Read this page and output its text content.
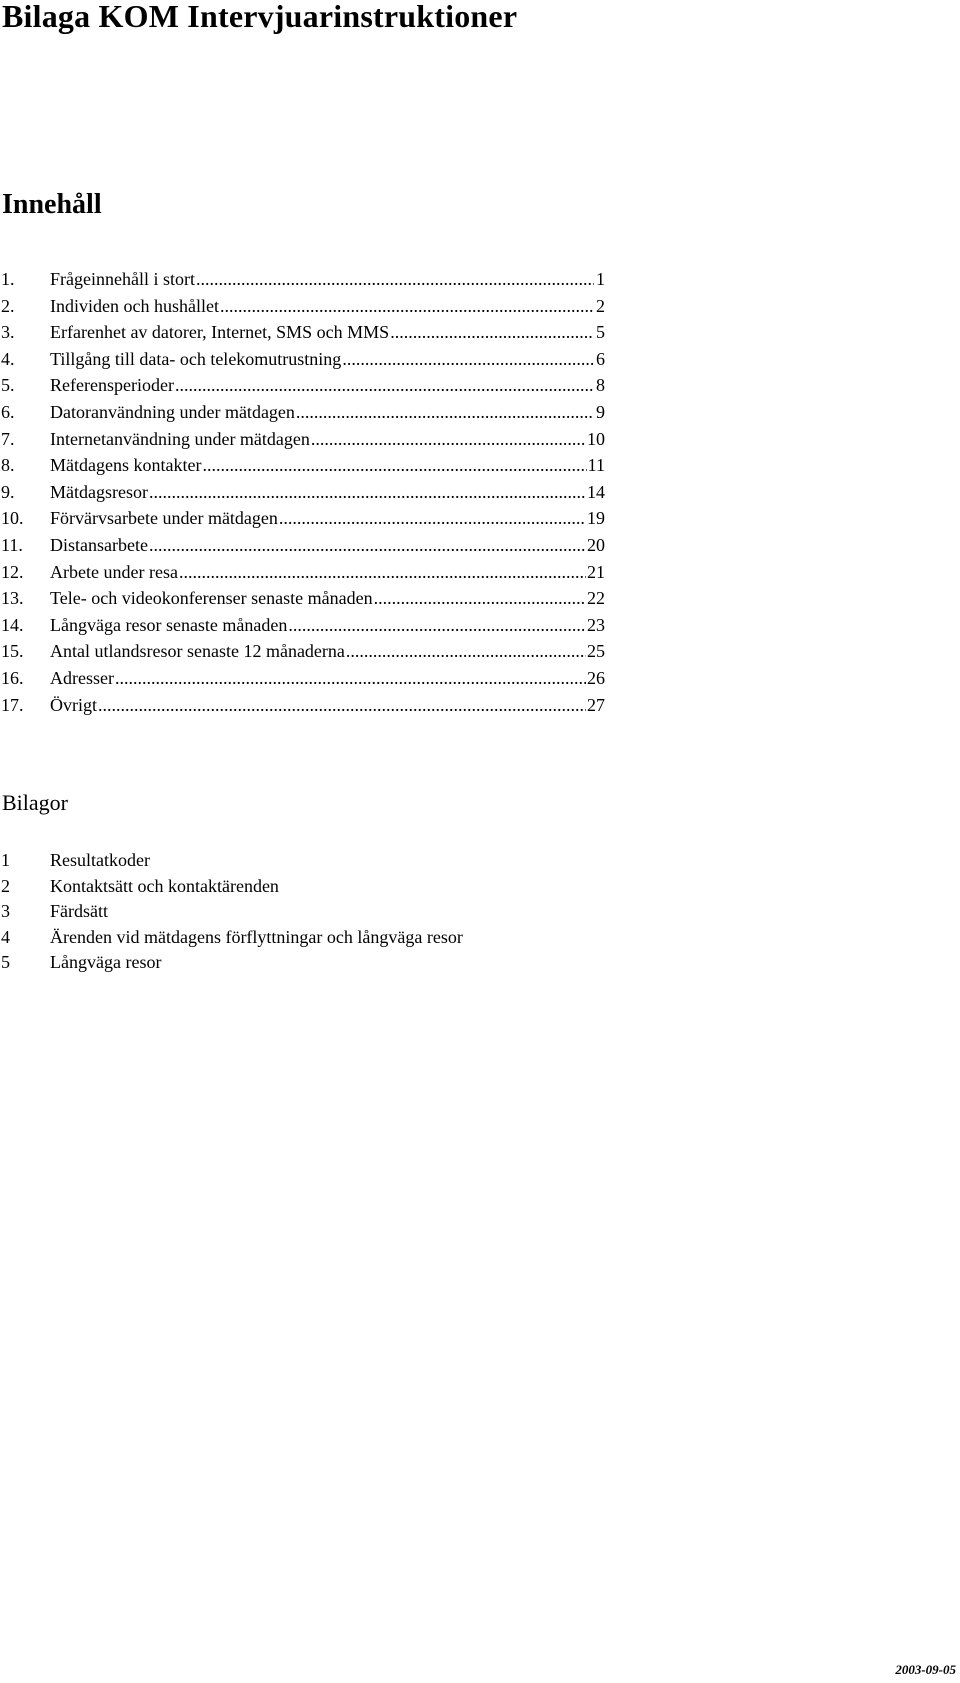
Bilaga KOM Intervjuarinstruktioner
Innehåll
1.	Frågeinnehåll i stort .....	1
2.	Individen och hushållet .....	2
3.	Erfarenhet av datorer, Internet, SMS och MMS .....	5
4.	Tillgång till data- och telekomutrustning .....	6
5.	Referensperioder .....	8
6.	Datoranvändning under mätdagen .....	9
7.	Internetanvändning under mätdagen .....	10
8.	Mätdagens kontakter .....	11
9.	Mätdagsresor .....	14
10.	Förvärvsarbete under mätdagen .....	19
11.	Distansarbete .....	20
12.	Arbete under resa .....	21
13.	Tele- och videokonferenser senaste månaden .....	22
14.	Långväga resor senaste månaden .....	23
15.	Antal utlandsresor senaste 12 månaderna .....	25
16.	Adresser .....	26
17.	Övrigt .....	27
Bilagor
1	Resultatkoder
2	Kontaktsätt och kontaktärenden
3	Färdsätt
4	Ärenden vid mätdagens förflyttningar och långväga resor
5	Långväga resor
2003-09-05
